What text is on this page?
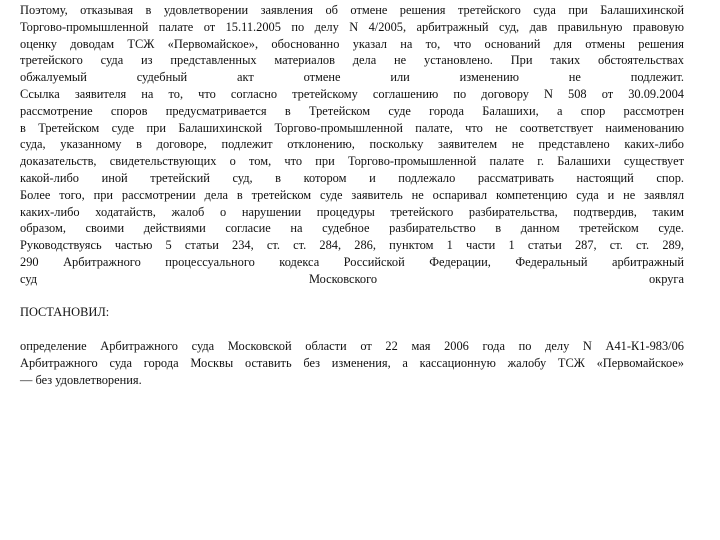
Поэтому, отказывая в удовлетворении заявления об отмене решения третейского суда при Балашихинской

Торгово-промышленной палате от 15.11.2005 по делу N 4/2005, арбитражный суд, дав правильную правовую

оценку доводам ТСЖ «Первомайское», обоснованно указал на то, что оснований для отмены решения

третейского суда из представленных материалов дела не установлено. При таких обстоятельствах

обжалуемый судебный акт отмене или изменению не подлежит.

Ссылка заявителя на то, что согласно третейскому соглашению по договору N 508 от 30.09.2004

рассмотрение споров предусматривается в Третейском суде города Балашихи, а спор рассмотрен

в Третейском суде при Балашихинской Торгово-промышленной палате, что не соответствует наименованию

суда, указанному в договоре, подлежит отклонению, поскольку заявителем не представлено каких-либо

доказательств, свидетельствующих о том, что при Торгово-промышленной палате г. Балашихи существует

какой-либо иной третейский суд, в котором и подлежало рассматривать настоящий спор.

Более того, при рассмотрении дела в третейском суде заявитель не оспаривал компетенцию суда и не заявлял

каких-либо ходатайств, жалоб о нарушении процедуры третейского разбирательства, подтвердив, таким

образом, своими действиями согласие на судебное разбирательство в данном третейском суде.

Руководствуясь частью 5 статьи 234, ст. ст. 284, 286, пунктом 1 части 1 статьи 287, ст. ст. 289,

290 Арбитражного процессуального кодекса Российской Федерации, Федеральный арбитражный

суд Московского округа

ПОСТАНОВИЛ:

определение Арбитражного суда Московской области от 22 мая 2006 года по делу N А41-К1-983/06

Арбитражного суда города Москвы оставить без изменения, а кассационную жалобу ТСЖ «Первомайское»

— без удовлетворения.
